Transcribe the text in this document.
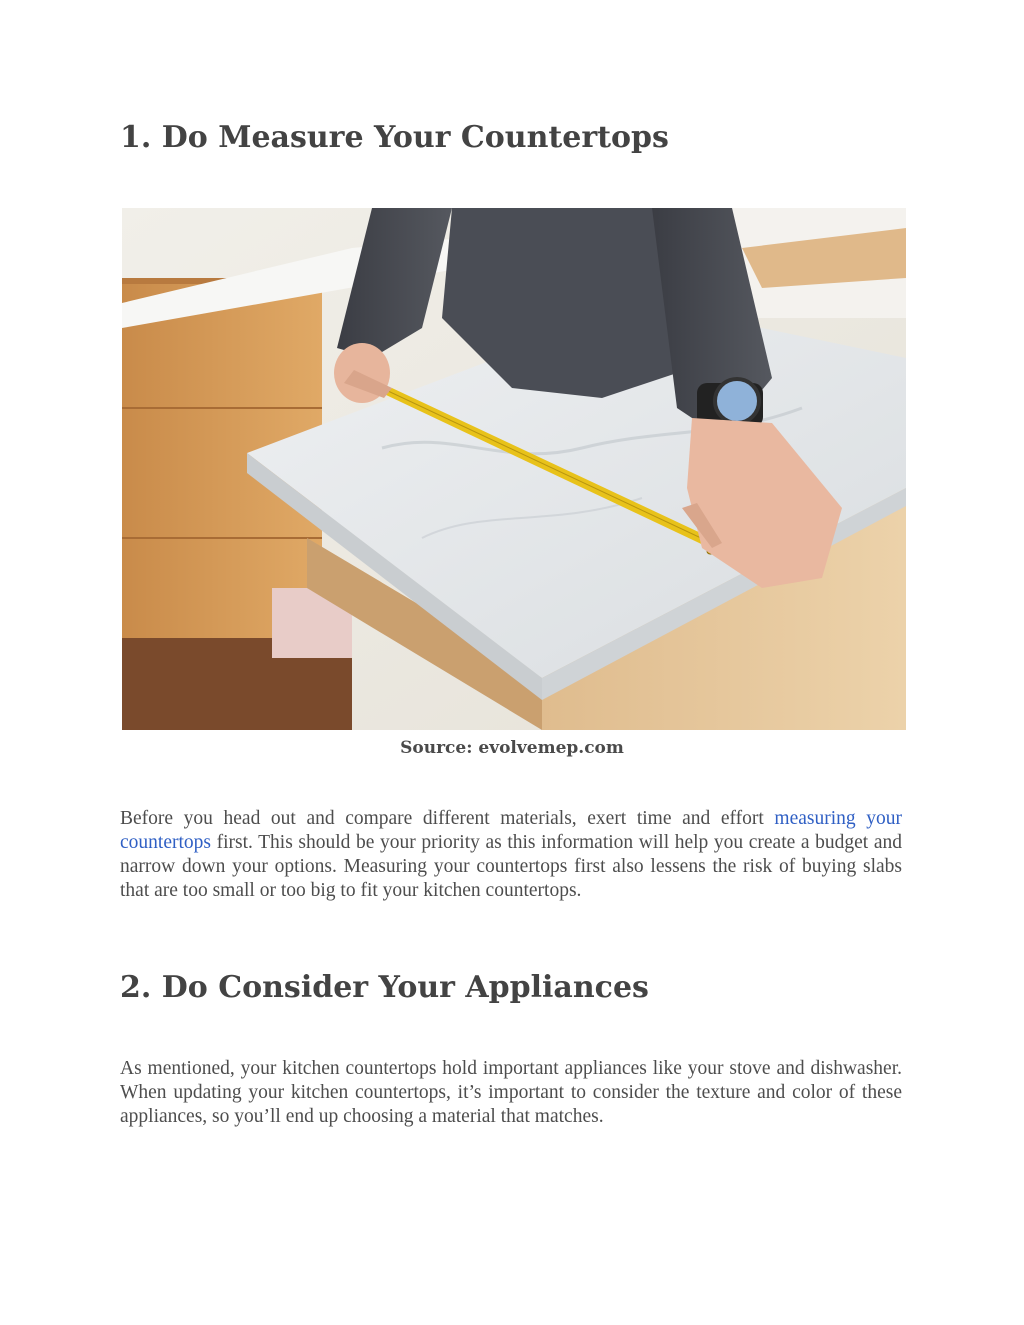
1. Do Measure Your Countertops

Source: evolvemep.com

Before you head out and compare different materials, exert time and effort measuring your countertops first. This should be your priority as this information will help you create a budget and narrow down your options. Measuring your countertops first also lessens the risk of buying slabs that are too small or too big to fit your kitchen countertops.

2. Do Consider Your Appliances

As mentioned, your kitchen countertops hold important appliances like your stove and dishwasher. When updating your kitchen countertops, it’s important to consider the texture and color of these appliances, so you’ll end up choosing a material that matches.
